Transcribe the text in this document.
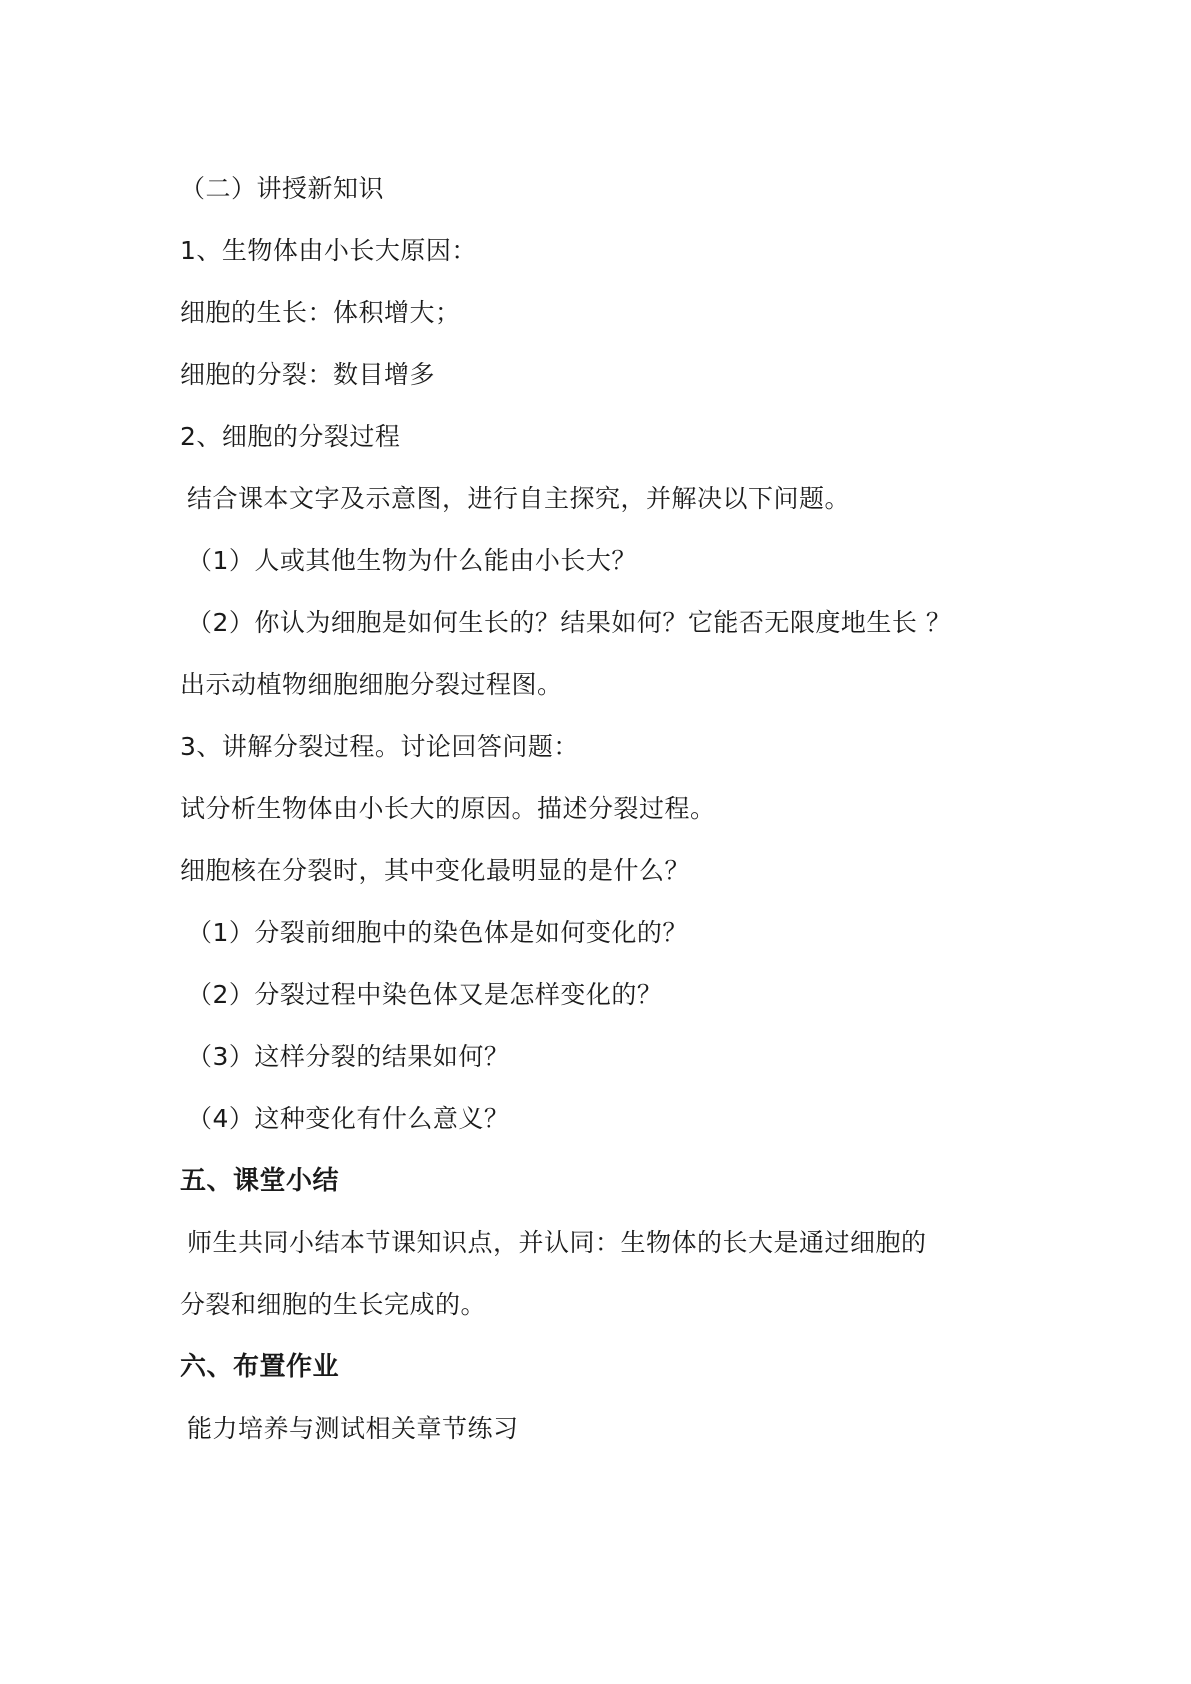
（二）讲授新知识
1、生物体由小长大原因：
细胞的生长：体积增大；
细胞的分裂：数目增多
2、细胞的分裂过程
结合课本文字及示意图，进行自主探究，并解决以下问题。
（1）人或其他生物为什么能由小长大？
（2）你认为细胞是如何生长的？结果如何？它能否无限度地生长 ？
出示动植物细胞细胞分裂过程图。
3、讲解分裂过程。讨论回答问题：
试分析生物体由小长大的原因。描述分裂过程。
细胞核在分裂时，其中变化最明显的是什么？
（1）分裂前细胞中的染色体是如何变化的？
（2）分裂过程中染色体又是怎样变化的？
（3）这样分裂的结果如何？
（4）这种变化有什么意义？
五、课堂小结
师生共同小结本节课知识点，并认同：生物体的长大是通过细胞的
分裂和细胞的生长完成的。
六、布置作业
能力培养与测试相关章节练习
